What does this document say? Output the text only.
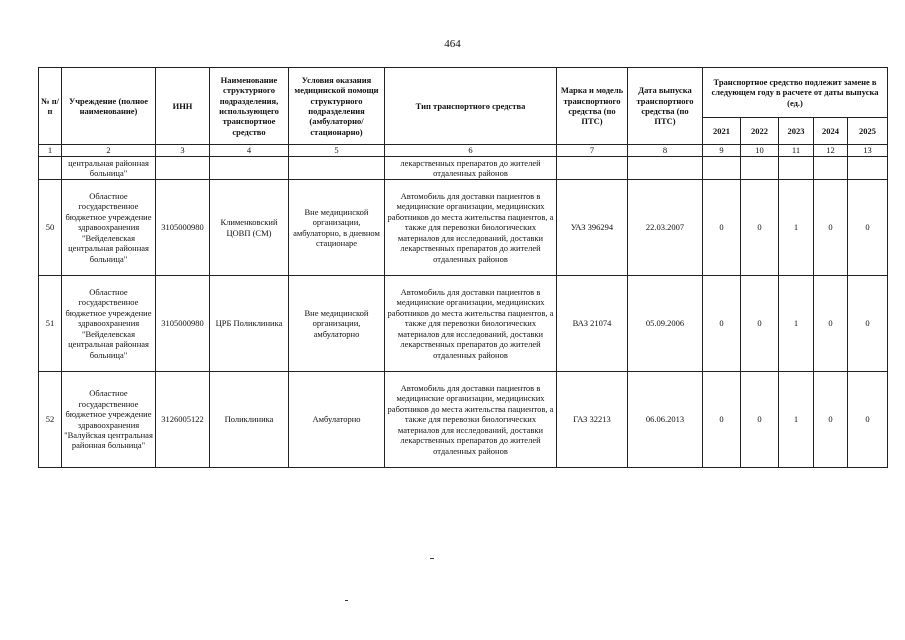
464
№ п/п	Учреждение (полное наименование)	ИНН	Наименование структурного подразделения, использующего транспортное средство	Условия оказания медицинской помощи структурного подразделения (амбулаторно/ стационарно)	Тип транспортного средства	Марка и модель транспортного средства (по ПТС)	Дата выпуска транспортного средства (по ПТС)	Транспортное средство подлежит замене в следующем году в расчете от даты выпуска (ед.)				
								2021	2022	2023	2024	2025
1	2	3	4	5	6	7	8	9	10	11	12	13
	центральная районная больница"				лекарственных препаратов до жителей отдаленных районов							
50	Областное государственное бюджетное учреждение здравоохранения "Вейделевская центральная районная больница"	3105000980	Клименковский ЦОВП (СМ)	Вне медицинской организации, амбулаторно, в дневном стационаре	Автомобиль для доставки пациентов в медицинские организации, медицинских работников до места жительства пациентов, а также для перевозки биологических материалов для исследований, доставки лекарственных препаратов до жителей отдаленных районов	УАЗ 396294	22.03.2007	0	0	1	0	0
51	Областное государственное бюджетное учреждение здравоохранения "Вейделевская центральная районная больница"	3105000980	ЦРБ Поликлиника	Вне медицинской организации, амбулаторно	Автомобиль для доставки пациентов в медицинские организации, медицинских работников до места жительства пациентов, а также для перевозки биологических материалов для исследований, доставки лекарственных препаратов до жителей отдаленных районов	ВАЗ 21074	05.09.2006	0	0	1	0	0
52	Областное государственное бюджетное учреждение здравоохранения "Валуйская центральная районная больница"	3126005122	Поликлиника	Амбулаторно	Автомобиль для доставки пациентов в медицинские организации, медицинских работников до места жительства пациентов, а также для перевозки биологических материалов для исследований, доставки лекарственных препаратов до жителей отдаленных районов	ГАЗ 32213	06.06.2013	0	0	1	0	0
